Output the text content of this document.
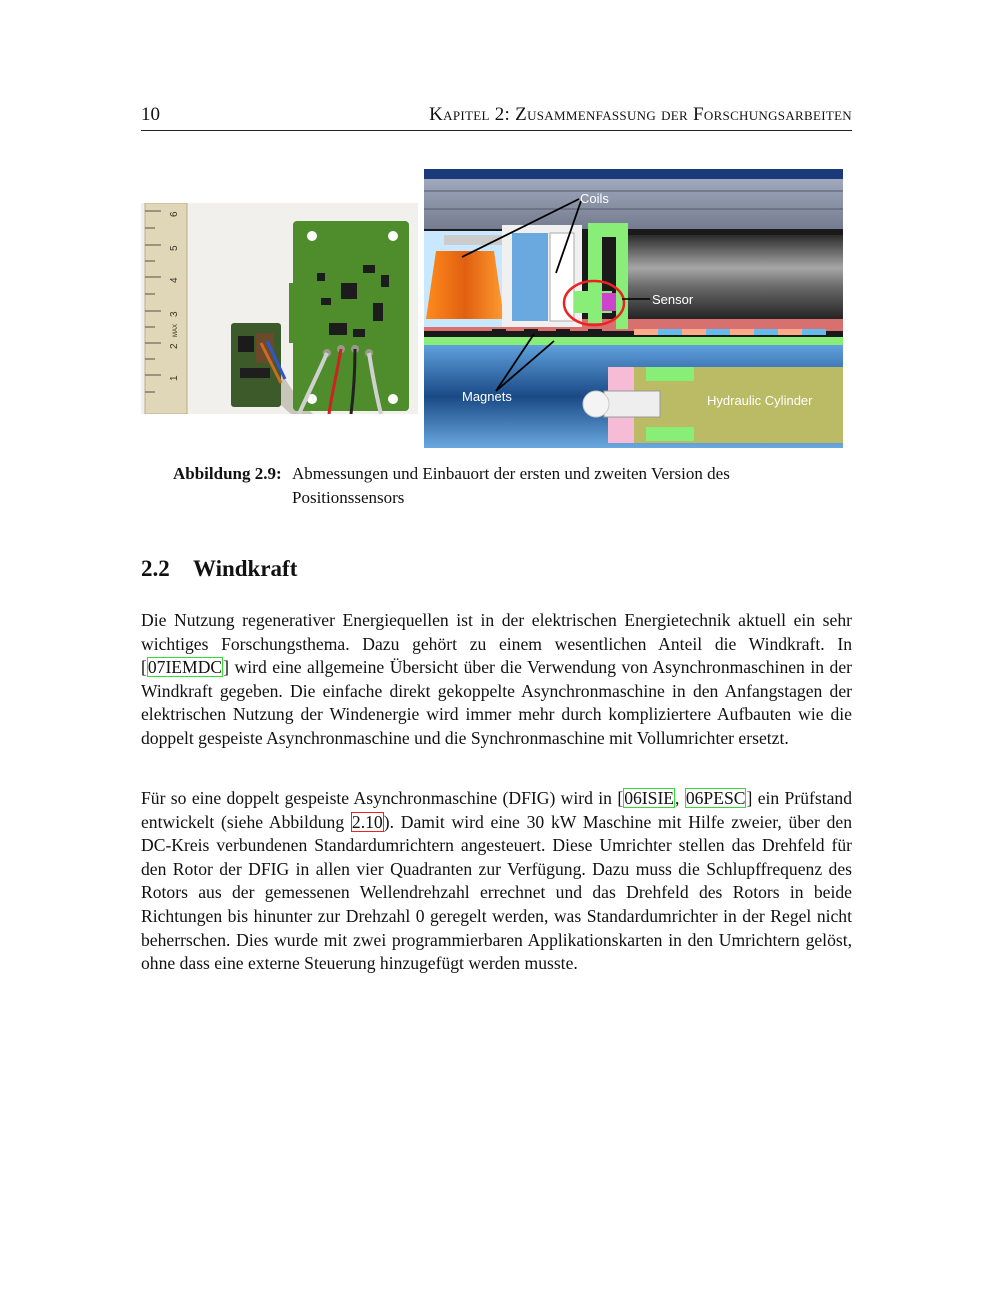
10	Kapitel 2: Zusammenfassung der Forschungsarbeiten
1
2
3
4
5
6
MAX
Coils
Sensor
Magnets	Hydraulic Cylinder
Abbildung 2.9: Abmessungen und Einbauort der ersten und zweiten Version des Positionssensors
2.2 Windkraft

Die Nutzung regenerativer Energiequellen ist in der elektrischen Energietechnik aktuell ein sehr wichtiges Forschungsthema. Dazu gehört zu einem wesentlichen Anteil die Windkraft. In [07IEMDC] wird eine allgemeine Übersicht über die Verwendung von Asynchronmaschinen in der Windkraft gegeben. Die einfache direkt gekoppelte Asynchronmaschine in den Anfangstagen der elektrischen Nutzung der Windenergie wird immer mehr durch kompliziertere Aufbauten wie die doppelt gespeiste Asynchronmaschine und die Synchronmaschine mit Vollumrichter ersetzt.

Für so eine doppelt gespeiste Asynchronmaschine (DFIG) wird in [06ISIE, 06PESC] ein Prüfstand entwickelt (siehe Abbildung 2.10). Damit wird eine 30 kW Maschine mit Hilfe zweier, über den DC-Kreis verbundenen Standardumrichtern angesteuert. Diese Umrichter stellen das Drehfeld für den Rotor der DFIG in allen vier Quadranten zur Verfügung. Dazu muss die Schlupffrequenz des Rotors aus der gemessenen Wellendrehzahl errechnet und das Drehfeld des Rotors in beide Richtungen bis hinunter zur Drehzahl 0 geregelt werden, was Standardumrichter in der Regel nicht beherrschen. Dies wurde mit zwei programmierbaren Applikationskarten in den Umrichtern gelöst, ohne dass eine externe Steuerung hinzugefügt werden musste.
